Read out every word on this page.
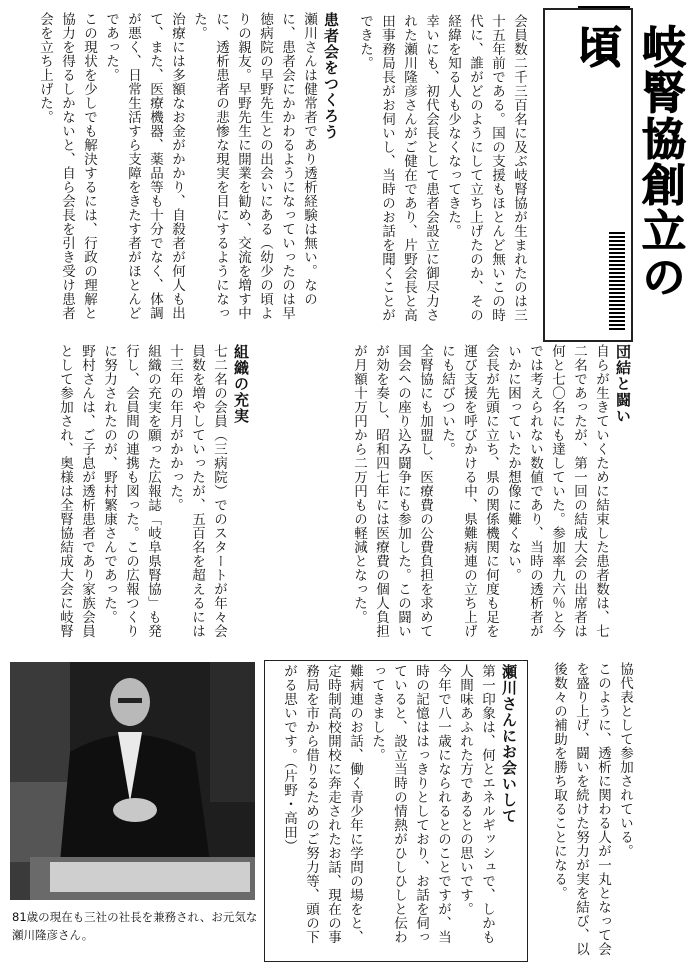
岐腎協創立の頃
会員数二千三百名に及ぶ岐腎協が生まれたのは三十五年前である。国の支援もほとんど無いこの時代に、誰がどのようにして立ち上げたのか、その経緯を知る人も少なくなってきた。
幸いにも、初代会長として患者会設立に御尽力された瀬川隆彦さんがご健在であり、片野会長と高田事務局長がお伺いし、当時のお話を聞くことができた。
患者会をつくろう
瀬川さんは健常者であり透析経験は無い。なのに、患者会にかかわるようになっていったのは早徳病院の早野先生との出会いにある（幼少の頃よりの親友。早野先生に開業を勧め、交流を増す中に、透析患者の悲惨な現実を目にするようになった。
治療には多額なお金がかかり、自殺者が何人も出て、また、医療機器、薬品等も十分でなく、体調が悪く、日常生活すら支障をきたす者がほとんどであった。
この現状を少しでも解決するには、行政の理解と協力を得るしかないと、自ら会長を引き受け患者会を立ち上げた。
団結と闘い
自らが生きていくために結束した患者数は、七二名であったが、第一回の結成大会の出席者は何と七〇名にも達していた。参加率九六％と今では考えられない数値であり、当時の透析者がいかに困っていたか想像に難くない。
会長が先頭に立ち、県の関係機関に何度も足を運び支援を呼びかける中、県難病連の立ち上げにも結びついた。
全腎協にも加盟し、医療費の公費負担を求めて国会への座り込み闘争にも参加した。この闘いが効を奏し、昭和四七年には医療費の個人負担が月額十万円から二万円もの軽減となった。
組織の充実
七二名の会員（三病院）でのスタートが年々会員数を増やしていったが、五百名を超えるには十三年の年月がかかった。
組織の充実を願った広報誌「岐阜県腎協」も発行し、会員間の連携も図った。この広報つくりに努力されたのが、野村繁康さんであった。
野村さんは、ご子息が透析患者であり家族会員として参加され、奥様は全腎協結成大会に岐腎
協代表として参加されている。
このように、透析に関わる人が一丸となって会を盛り上げ、闘いを続けた努力が実を結び、以後数々の補助を勝ち取ることになる。
瀬川さんにお会いして
第一印象は、何とエネルギッシュで、しかも人間味あふれた方であるとの思いです。
今年で八一歳になられるとのことですが、当時の記憶ははっきりとしており、お話を伺っていると、設立当時の情熱がひしひしと伝わってきました。
難病連のお話、働く青少年に学問の場をと、定時制高校開校に奔走されたお話、現在の事務局を市から借りるためのご努力等、頭の下がる思いです。（片野・高田）
81歳の現在も三社の社長を兼務され、お元気な瀬川隆彦さん。
